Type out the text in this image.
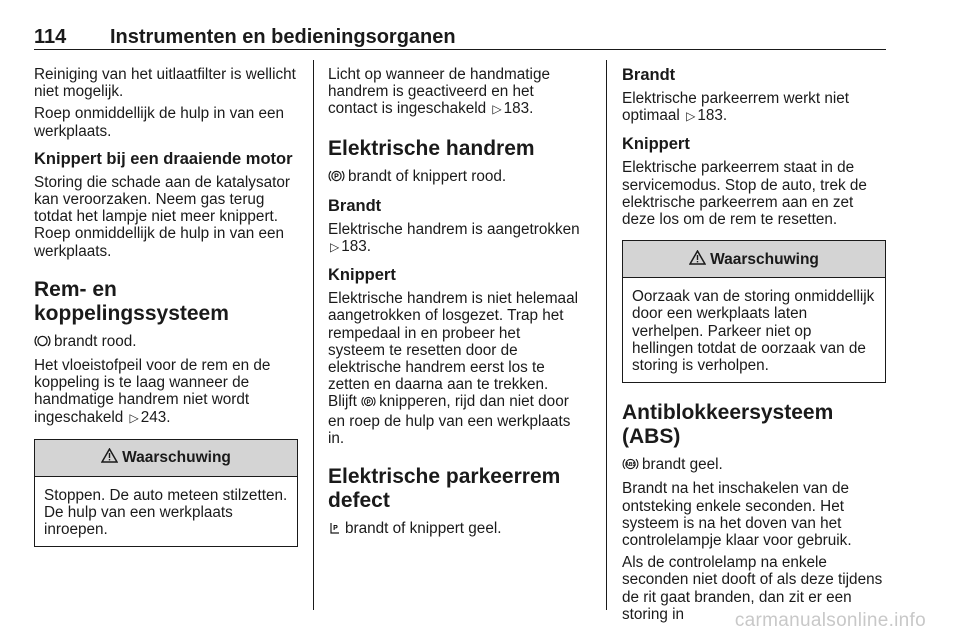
114 Instrumenten en bedieningsorganen

Reiniging van het uitlaatfilter is wellicht niet mogelijk.

Roep onmiddellijk de hulp in van een werkplaats.

Knippert bij een draaiende motor

Storing die schade aan de katalysator kan veroorzaken. Neem gas terug totdat het lampje niet meer knippert. Roep onmiddellijk de hulp in van een werkplaats.

Rem- en koppelingssysteem

brandt rood.

Het vloeistofpeil voor de rem en de koppeling is te laag wanneer de handmatige handrem niet wordt ingeschakeld ▷ 243.

Waarschuwing
Stoppen. De auto meteen stilzetten. De hulp van een werkplaats inroepen.

Licht op wanneer de handmatige handrem is geactiveerd en het contact is ingeschakeld ▷ 183.

Elektrische handrem

P brandt of knippert rood.

Brandt

Elektrische handrem is aangetrokken ▷ 183.

Knippert

Elektrische handrem is niet helemaal aangetrokken of losgezet. Trap het rempedaal in en probeer het systeem te resetten door de elektrische handrem eerst los te zetten en daarna aan te trekken. Blijft P knipperen, rijd dan niet door en roep de hulp van een werkplaats in.

Elektrische parkeerrem defect

P brandt of knippert geel.

Brandt

Elektrische parkeerrem werkt niet optimaal ▷ 183.

Knippert

Elektrische parkeerrem staat in de servicemodus. Stop de auto, trek de elektrische parkeerrem aan en zet deze los om de rem te resetten.

Waarschuwing
Oorzaak van de storing onmiddellijk door een werkplaats laten verhelpen. Parkeer niet op hellingen totdat de oorzaak van de storing is verholpen.
Antiblokkeersysteem (ABS)

ABS brandt geel.

Brandt na het inschakelen van de ontsteking enkele seconden. Het systeem is na het doven van het controlelampje klaar voor gebruik.

Als de controlelamp na enkele seconden niet dooft of als deze tijdens de rit gaat branden, dan zit er een storing in	carmanualsonline.info
